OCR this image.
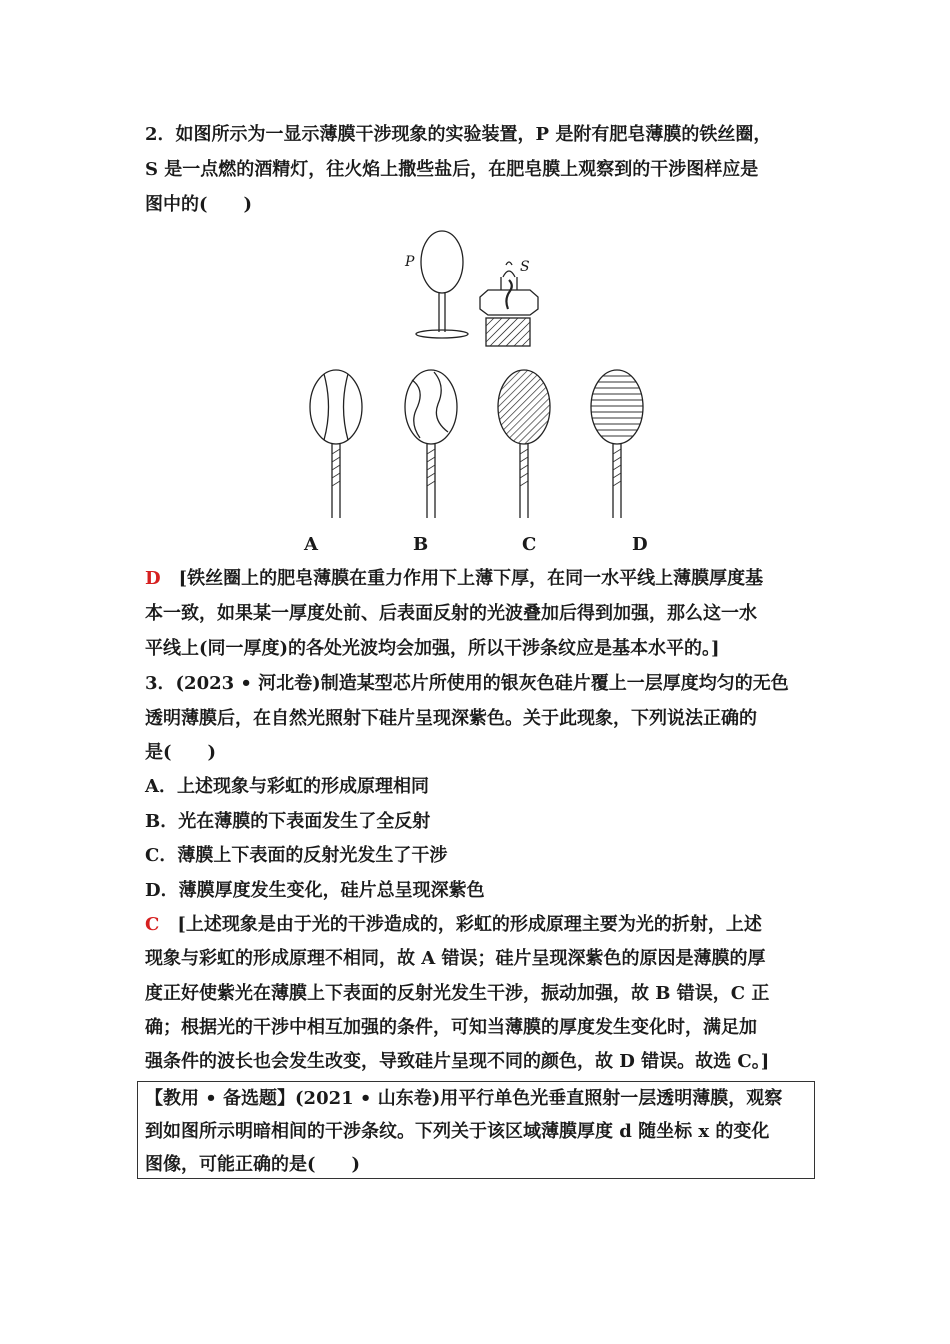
2．如图所示为一显示薄膜干涉现象的实验装置，P 是附有肥皂薄膜的铁丝圈，
S 是一点燃的酒精灯，往火焰上撒些盐后，在肥皂膜上观察到的干涉图样应是
图中的(　　)
P	S
A	B	C	D
D　 [铁丝圈上的肥皂薄膜在重力作用下上薄下厚，在同一水平线上薄膜厚度基
本一致，如果某一厚度处前、后表面反射的光波叠加后得到加强，那么这一水
平线上(同一厚度)的各处光波均会加强，所以干涉条纹应是基本水平的。]
3．(2023 • 河北卷)制造某型芯片所使用的银灰色硅片覆上一层厚度均匀的无色
透明薄膜后，在自然光照射下硅片呈现深紫色。关于此现象，下列说法正确的
是(　　)
A．上述现象与彩虹的形成原理相同
B．光在薄膜的下表面发生了全反射
C．薄膜上下表面的反射光发生了干涉
D．薄膜厚度发生变化，硅片总呈现深紫色
C　 [上述现象是由于光的干涉造成的，彩虹的形成原理主要为光的折射，上述
现象与彩虹的形成原理不相同，故 A 错误；硅片呈现深紫色的原因是薄膜的厚
度正好使紫光在薄膜上下表面的反射光发生干涉，振动加强，故 B 错误，C 正
确；根据光的干涉中相互加强的条件，可知当薄膜的厚度发生变化时，满足加
强条件的波长也会发生改变，导致硅片呈现不同的颜色，故 D 错误。故选 C。]
【教用 • 备选题】(2021 • 山东卷)用平行单色光垂直照射一层透明薄膜，观察
到如图所示明暗相间的干涉条纹。下列关于该区域薄膜厚度 d 随坐标 x 的变化
图像，可能正确的是(　　)
